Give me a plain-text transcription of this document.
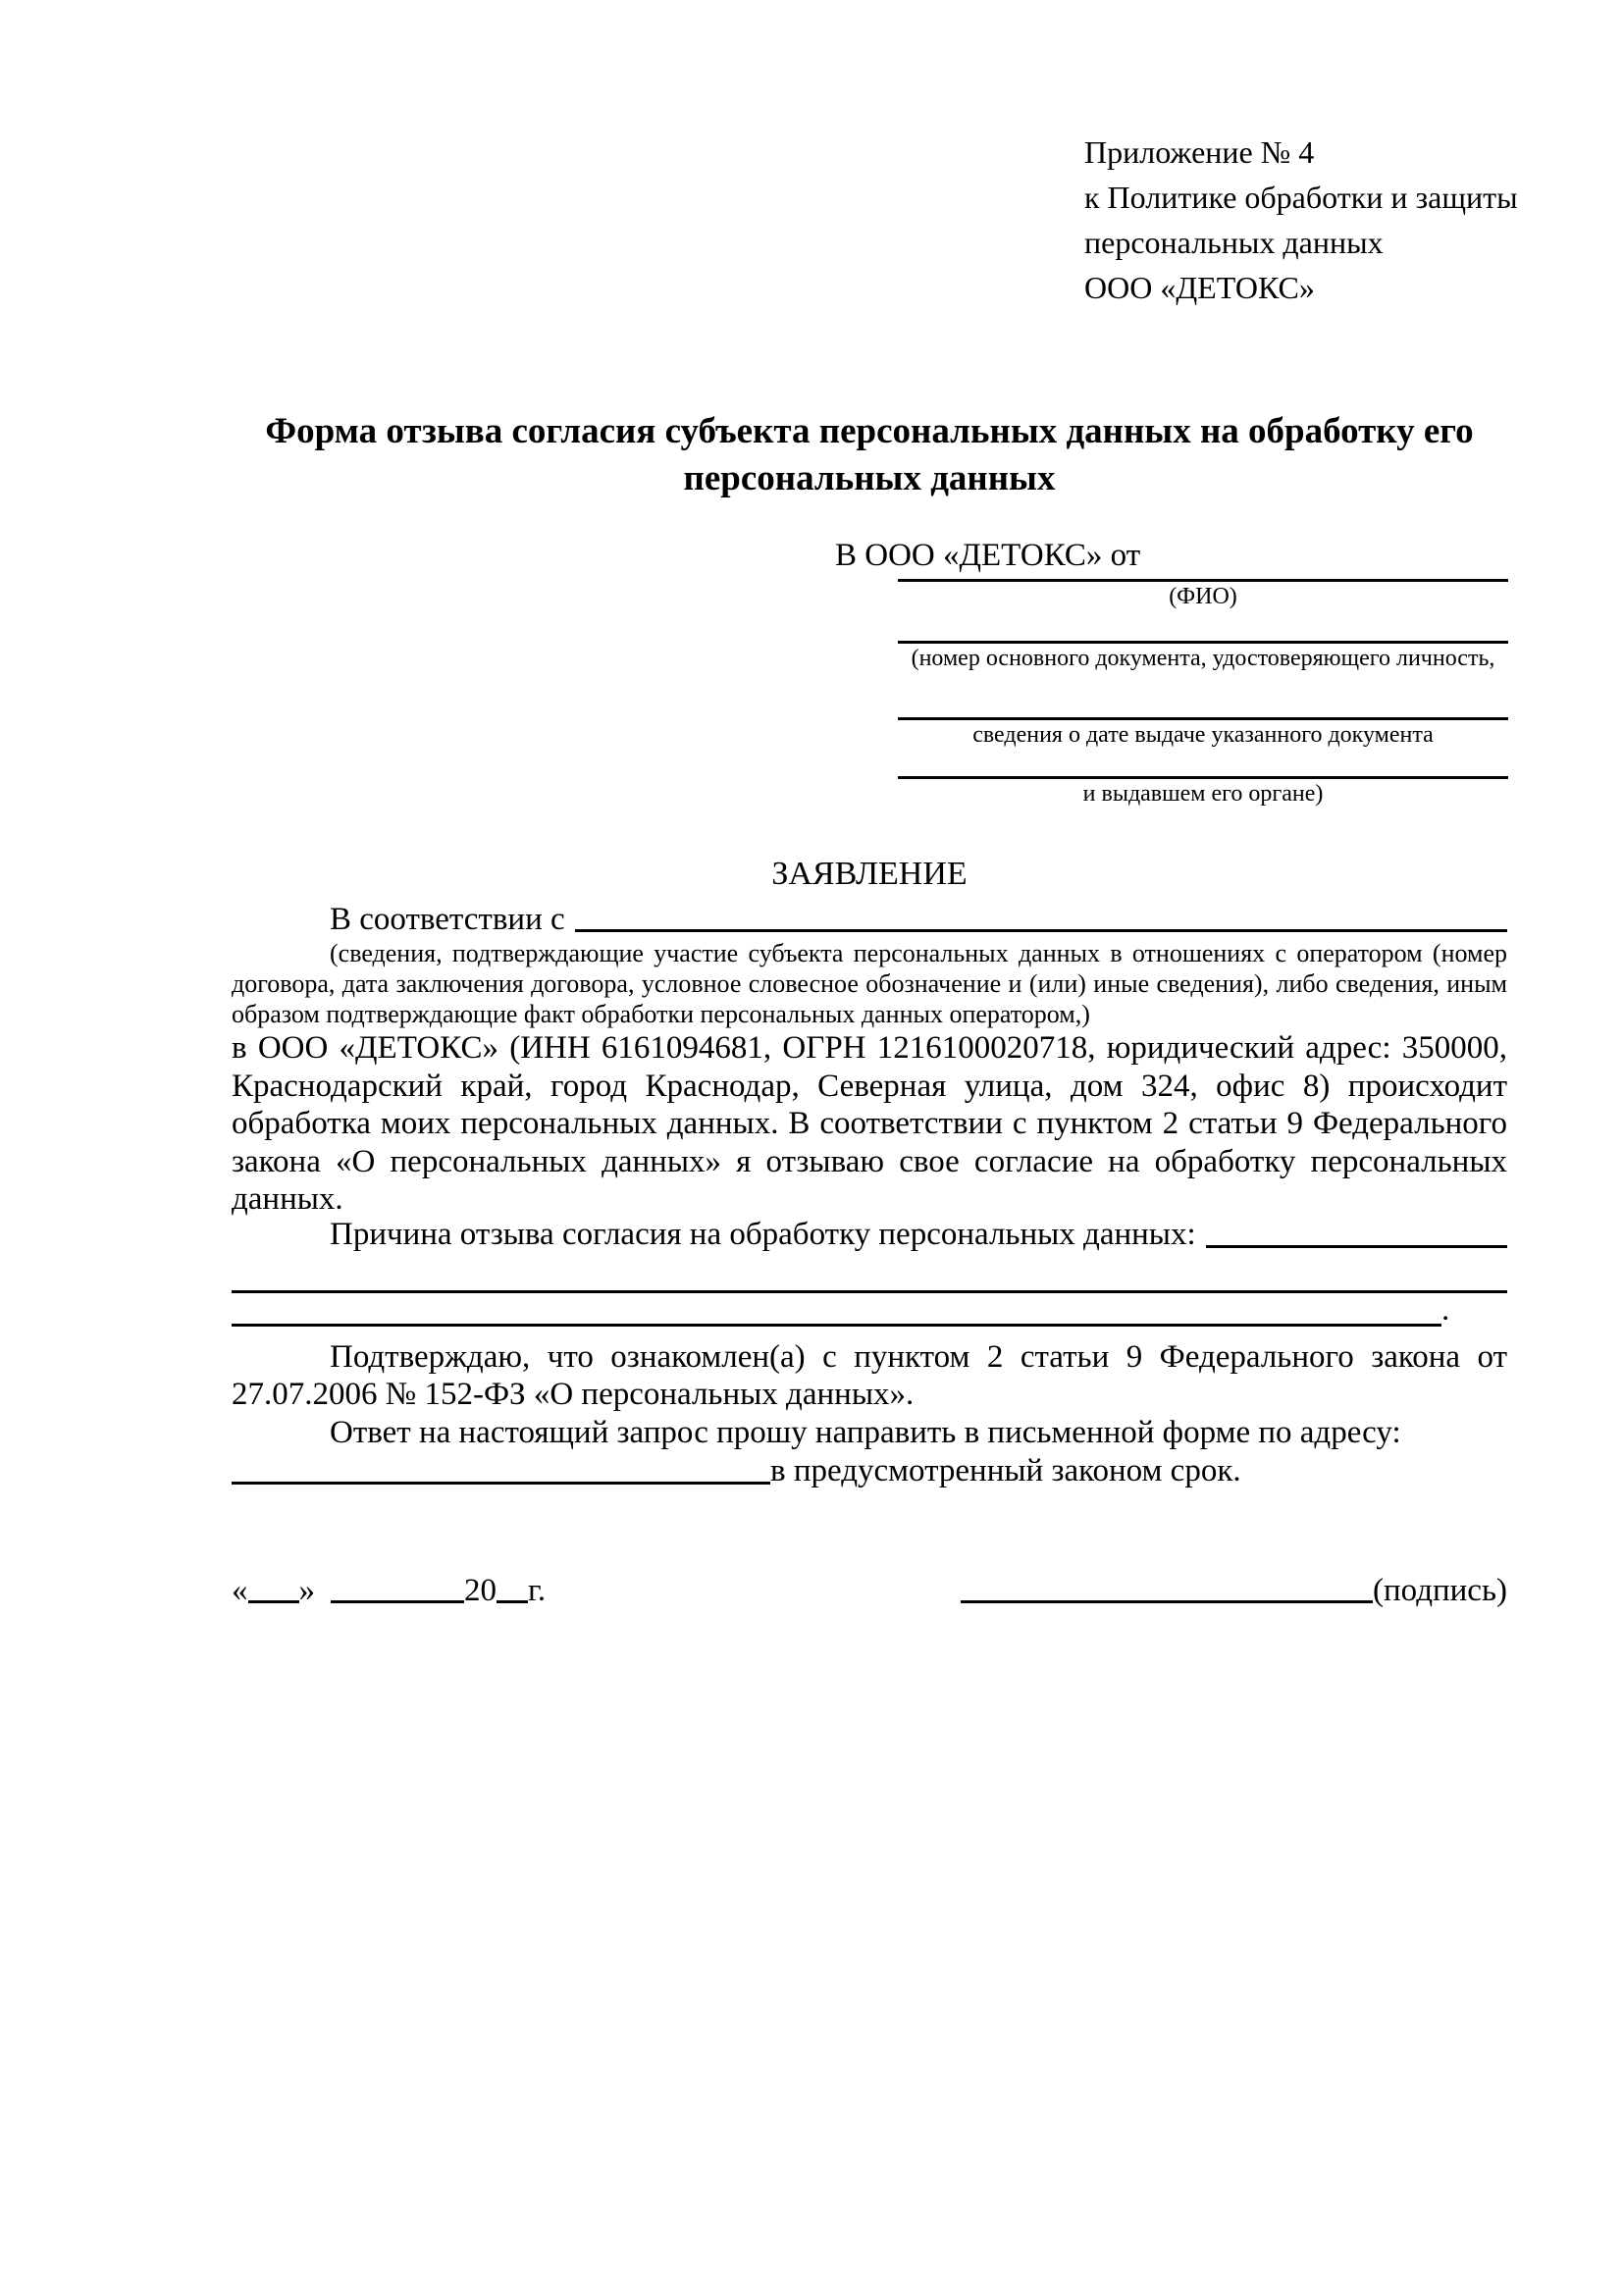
Приложение № 4
к Политике обработки и защиты
персональных данных
ООО «ДЕТОКС»
Форма отзыва согласия субъекта персональных данных на обработку его персональных данных
В ООО «ДЕТОКС» от
(ФИО)
(номер основного документа, удостоверяющего личность,
сведения о дате выдаче указанного документа
и выдавшем его органе)
ЗАЯВЛЕНИЕ
В соответствии с

(сведения, подтверждающие участие субъекта персональных данных в отношениях с оператором (номер договора, дата заключения договора, условное словесное обозначение и (или) иные сведения), либо сведения, иным образом подтверждающие факт обработки персональных данных оператором,)

в ООО «ДЕТОКС» (ИНН 6161094681, ОГРН 1216100020718, юридический адрес: 350000, Краснодарский край, город Краснодар, Северная улица, дом 324, офис 8) происходит обработка моих персональных данных. В соответствии с пунктом 2 статьи 9 Федерального закона «О персональных данных» я отзываю свое согласие на обработку персональных данных.

Причина отзыва согласия на обработку персональных данных:
.

Подтверждаю, что ознакомлен(а) с пунктом 2 статьи 9 Федерального закона от 27.07.2006 № 152-ФЗ «О персональных данных».

Ответ на настоящий запрос прошу направить в письменной форме по адресу:

в предусмотренный законом срок.
« »	20 г.	(подпись)
